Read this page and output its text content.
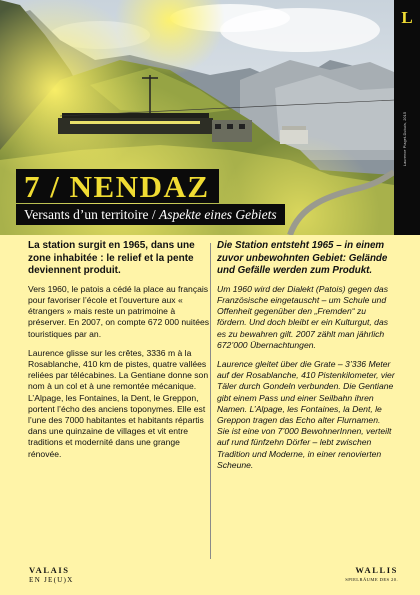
L
Laurence Piaget-Dubuis, 2015
7 / NENDAZ
Versants d’un territoire / Aspekte eines Gebiets
La station surgit en 1965, dans une zone inhabitée : le relief et la pente deviennent produit.

Vers 1960, le patois a cédé la place au français pour favoriser l’école et l’ouverture aux « étrangers » mais reste un patrimoine à préserver. En 2007, on compte 672 000 nuitées touristiques par an.

Laurence glisse sur les crêtes, 3336 m à la Rosablanche, 410 km de pistes, quatre vallées reliées par télécabines. La Gentiane donne son nom à un col et à une remontée mécanique. L’Alpage, les Fontaines, la Dent, le Greppon, portent l’écho des anciens toponymes. Elle est l’une des 7000 habitantes et habitants répartis dans une quinzaine de villages et vit entre traditions et modernité dans une grange rénovée.

Die Station entsteht 1965 – in einem zuvor unbewohnten Gebiet: Gelände und Gefälle werden zum Produkt.

Um 1960 wird der Dialekt (Patois) gegen das Französische eingetauscht – um Schule und Offenheit gegenüber den „Fremden“ zu fördern. Und doch bleibt er ein Kulturgut, das es zu bewahren gilt. 2007 zählt man jährlich 672’000 Übernachtungen.

Laurence gleitet über die Grate – 3’336 Meter auf der Rosablanche, 410 Pistenkilometer, vier Täler durch Gondeln verbunden. Die Gentiane gibt einem Pass und einer Seilbahn ihren Namen. L’Alpage, les Fontaines, la Dent, le Greppon tragen das Echo alter Flurnamen. Sie ist eine von 7’000 BewohnerInnen, verteilt auf rund fünfzehn Dörfer – lebt zwischen Tradition und Moderne, in einer renovierten Scheune.

VALAIS
EN JE(U)X
WALLIS
SPIELRÄUME DES 20.
